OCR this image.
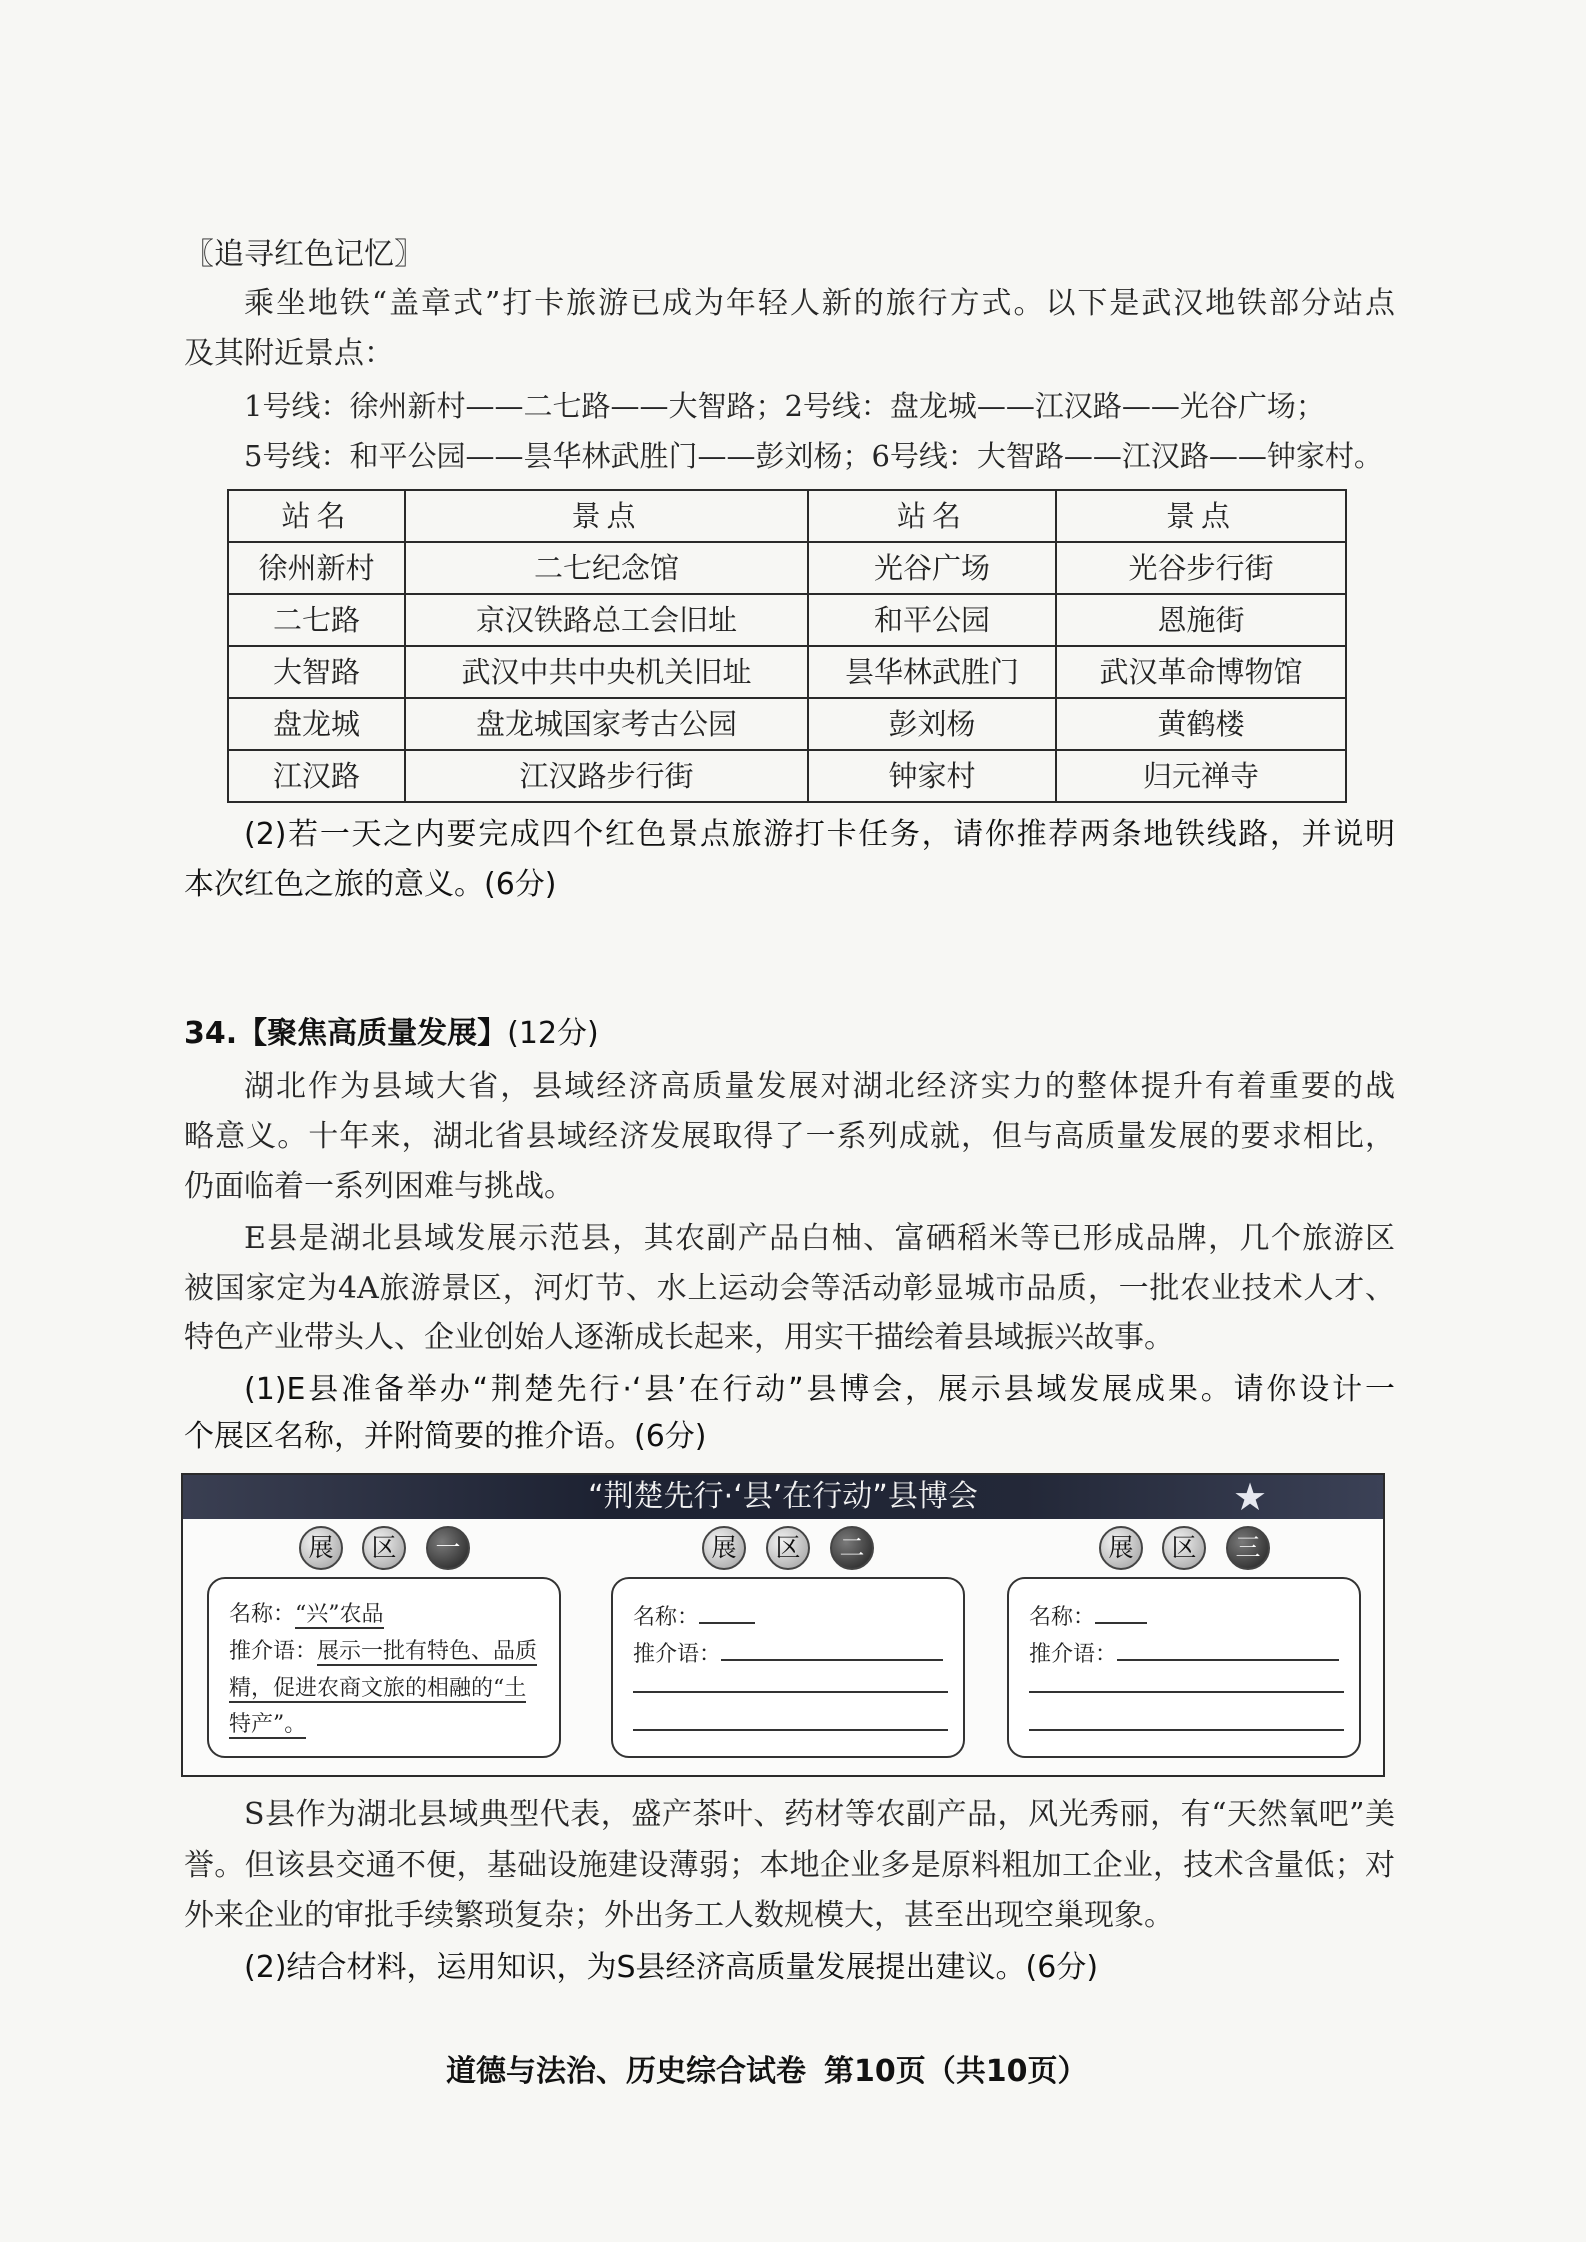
〖追寻红色记忆〗
乘坐地铁“盖章式”打卡旅游已成为年轻人新的旅行方式。以下是武汉地铁部分站点
及其附近景点：
1号线：徐州新村——二七路——大智路；2号线：盘龙城——江汉路——光谷广场；
5号线：和平公园——昙华林武胜门——彭刘杨；6号线：大智路——江汉路——钟家村。
站名	景点	站名	景点
徐州新村	二七纪念馆	光谷广场	光谷步行街
二七路	京汉铁路总工会旧址	和平公园	恩施街
大智路	武汉中共中央机关旧址	昙华林武胜门	武汉革命博物馆
盘龙城	盘龙城国家考古公园	彭刘杨	黄鹤楼
江汉路	江汉路步行街	钟家村	归元禅寺
(2)若一天之内要完成四个红色景点旅游打卡任务，请你推荐两条地铁线路，并说明
本次红色之旅的意义。(6分)
34.【聚焦高质量发展】(12分)
湖北作为县域大省，县域经济高质量发展对湖北经济实力的整体提升有着重要的战
略意义。十年来，湖北省县域经济发展取得了一系列成就，但与高质量发展的要求相比，
仍面临着一系列困难与挑战。
E县是湖北县域发展示范县，其农副产品白柚、富硒稻米等已形成品牌，几个旅游区
被国家定为4A旅游景区，河灯节、水上运动会等活动彰显城市品质，一批农业技术人才、
特色产业带头人、企业创始人逐渐成长起来，用实干描绘着县域振兴故事。
(1)E县准备举办“荆楚先行·‘县’在行动”县博会，展示县域发展成果。请你设计一
个展区名称，并附简要的推介语。(6分)
“荆楚先行·‘县’在行动”县博会	★
展	区	一	展	区	二	展	区	三
名称：“兴”农品
推介语：展示一批有特色、品质
精，促进农商文旅的相融的“土
特产”。
名称：
推介语：
名称：
推介语：
S县作为湖北县域典型代表，盛产茶叶、药材等农副产品，风光秀丽，有“天然氧吧”美
誉。但该县交通不便，基础设施建设薄弱；本地企业多是原料粗加工企业，技术含量低；对
外来企业的审批手续繁琐复杂；外出务工人数规模大，甚至出现空巢现象。
(2)结合材料，运用知识，为S县经济高质量发展提出建议。(6分)
道德与法治、历史综合试卷 第10页（共10页）
